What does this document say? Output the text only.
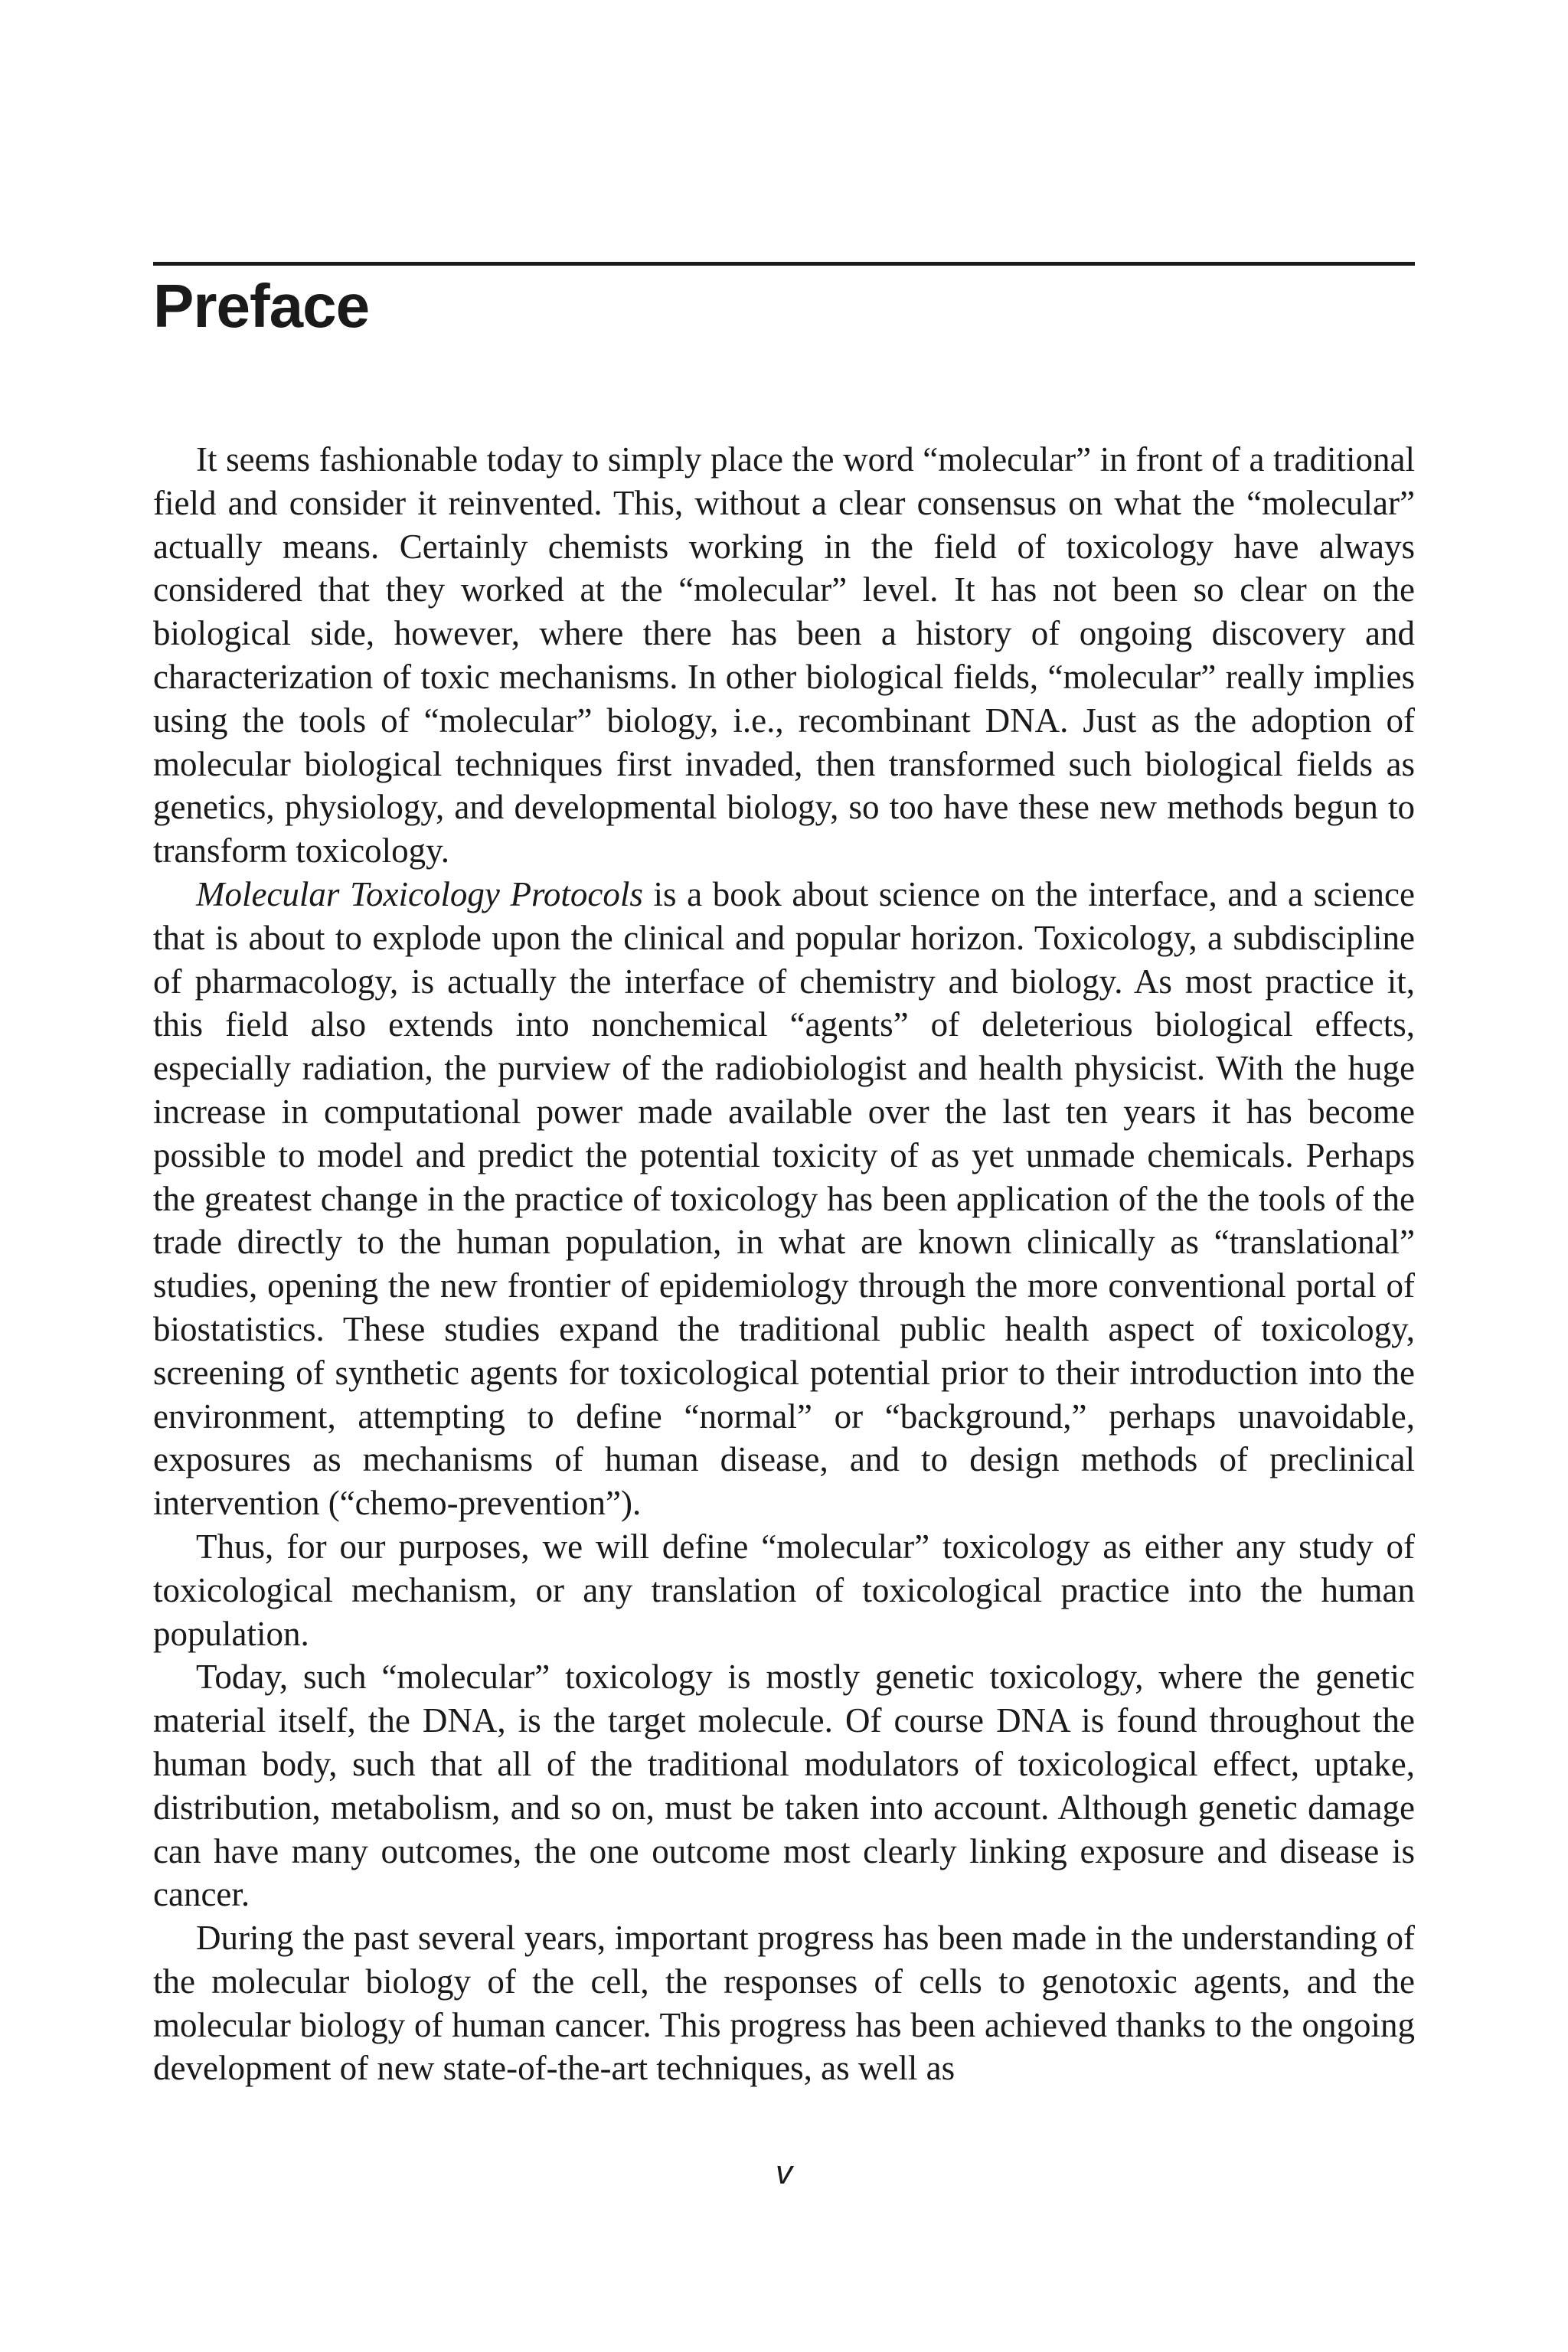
Preface

It seems fashionable today to simply place the word “molecular” in front of a traditional field and consider it reinvented. This, without a clear consensus on what the “molecular” actually means. Certainly chemists working in the field of toxicology have always considered that they worked at the “molecular” level. It has not been so clear on the biological side, however, where there has been a history of ongoing discovery and characterization of toxic mechanisms. In other biological fields, “molecular” really implies using the tools of “molecular” biology, i.e., recombinant DNA. Just as the adoption of molecular biological techniques first invaded, then transformed such biological fields as genetics, physiology, and developmental biology, so too have these new methods begun to transform toxicology.

Molecular Toxicology Protocols is a book about science on the interface, and a science that is about to explode upon the clinical and popular horizon. Toxicology, a subdiscipline of pharmacology, is actually the interface of chemistry and biology. As most practice it, this field also extends into nonchemical “agents” of deleterious biological effects, especially radiation, the purview of the radiobiologist and health physicist. With the huge increase in computational power made available over the last ten years it has become possible to model and predict the potential toxicity of as yet unmade chemicals. Perhaps the greatest change in the practice of toxicology has been application of the the tools of the trade directly to the human population, in what are known clinically as “translational” studies, opening the new frontier of epidemiology through the more conventional portal of biostatistics. These studies expand the traditional public health aspect of toxicology, screening of synthetic agents for toxicological potential prior to their introduction into the environment, attempting to define “normal” or “background,” perhaps unavoidable, exposures as mechanisms of human disease, and to design methods of preclinical intervention (“chemo-prevention”).

Thus, for our purposes, we will define “molecular” toxicology as either any study of toxicological mechanism, or any translation of toxicological practice into the human population.

Today, such “molecular” toxicology is mostly genetic toxicology, where the genetic material itself, the DNA, is the target molecule. Of course DNA is found throughout the human body, such that all of the traditional modulators of toxicological effect, uptake, distribution, metabolism, and so on, must be taken into account. Although genetic damage can have many outcomes, the one outcome most clearly linking exposure and disease is cancer.

During the past several years, important progress has been made in the understanding of the molecular biology of the cell, the responses of cells to genotoxic agents, and the molecular biology of human cancer. This progress has been achieved thanks to the ongoing development of new state-of-the-art techniques, as well as

v
